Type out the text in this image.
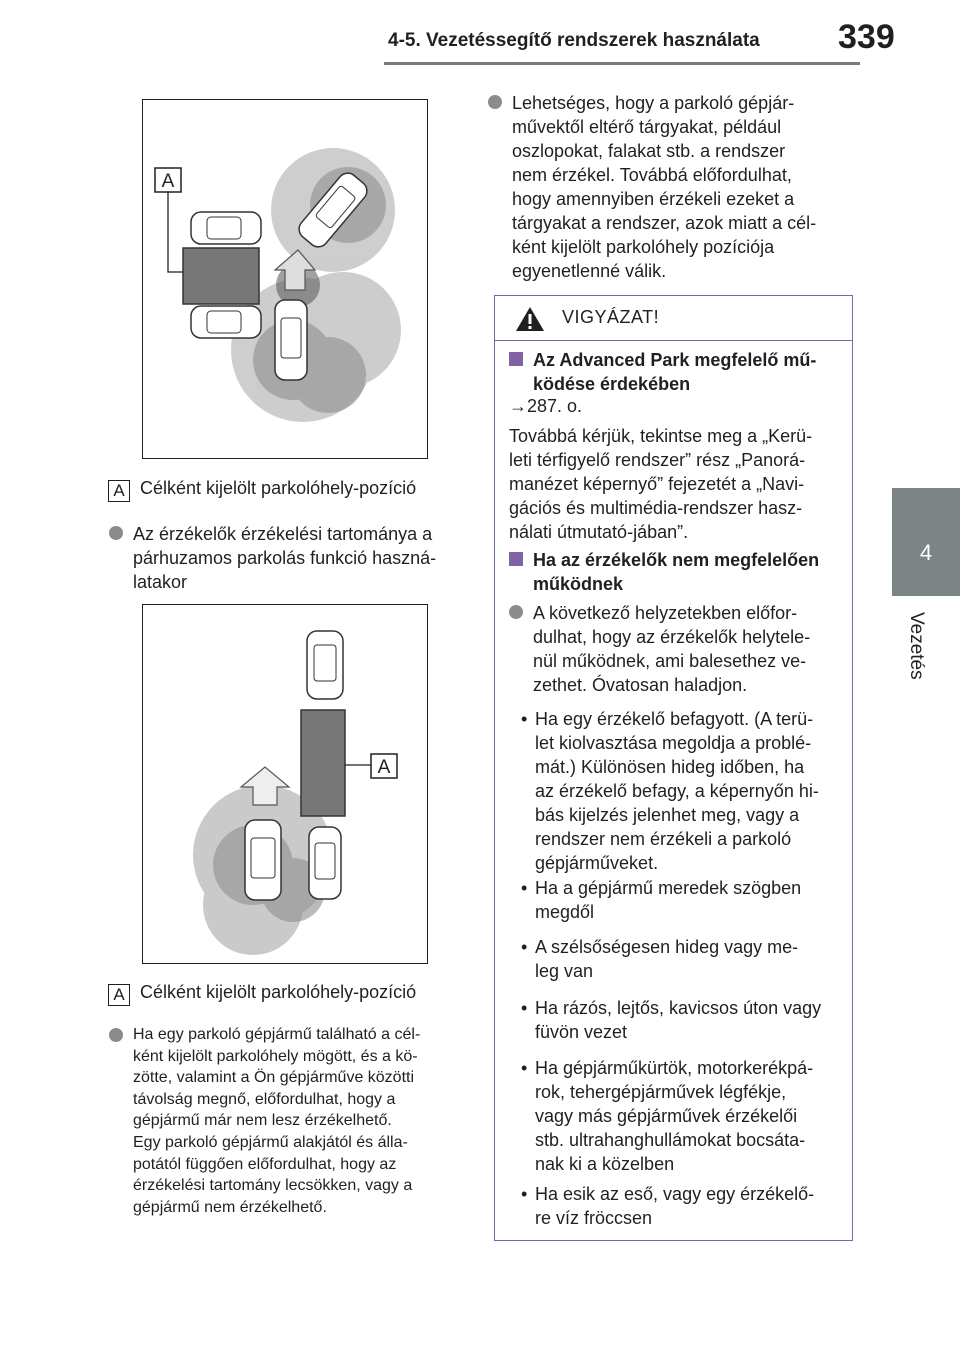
4-5. Vezetéssegítő rendszerek használata 339
4
Vezetés
A
A Célként kijelölt parkolóhely-pozíció
Az érzékelők érzékelési tartománya a
párhuzamos parkolás funkció haszná-
latakor
A
A Célként kijelölt parkolóhely-pozíció
Ha egy parkoló gépjármű található a cél-
ként kijelölt parkolóhely mögött, és a kö-
zötte, valamint a Ön gépjárműve közötti
távolság megnő, előfordulhat, hogy a
gépjármű már nem lesz érzékelhető.
Egy parkoló gépjármű alakjától és álla-
potától függően előfordulhat, hogy az
érzékelési tartomány lecsökken, vagy a
gépjármű nem érzékelhető.
Lehetséges, hogy a parkoló gépjár-
művektől eltérő tárgyakat, például
oszlopokat, falakat stb. a rendszer
nem érzékel. Továbbá előfordulhat,
hogy amennyiben érzékeli ezeket a
tárgyakat a rendszer, azok miatt a cél-
ként kijelölt parkolóhely pozíciója
egyenetlenné válik.
VIGYÁZAT!
Az Advanced Park megfelelő mű-
ködése érdekében
→287. o.
Továbbá kérjük, tekintse meg a „Kerü-
leti térfigyelő rendszer” rész „Panorá-
manézet képernyő” fejezetét a „Navi-
gációs és multimédia-rendszer hasz-
nálati útmutató-jában”.
Ha az érzékelők nem megfelelően
működnek
A következő helyzetekben előfor-
dulhat, hogy az érzékelők helytele-
nül működnek, ami balesethez ve-
zethet. Óvatosan haladjon.
• Ha egy érzékelő befagyott. (A terü-
let kiolvasztása megoldja a problé-
mát.) Különösen hideg időben, ha
az érzékelő befagy, a képernyőn hi-
bás kijelzés jelenhet meg, vagy a
rendszer nem érzékeli a parkoló
gépjárműveket.
• Ha a gépjármű meredek szögben
megdől
• A szélsőségesen hideg vagy me-
leg van
• Ha rázós, lejtős, kavicsos úton vagy
füvön vezet
• Ha gépjárműkürtök, motorkerékpá-
rok, tehergépjárművek légfékje,
vagy más gépjárművek érzékelői
stb. ultrahanghullámokat bocsáta-
nak ki a közelben
• Ha esik az eső, vagy egy érzékelő-
re víz fröccsen
